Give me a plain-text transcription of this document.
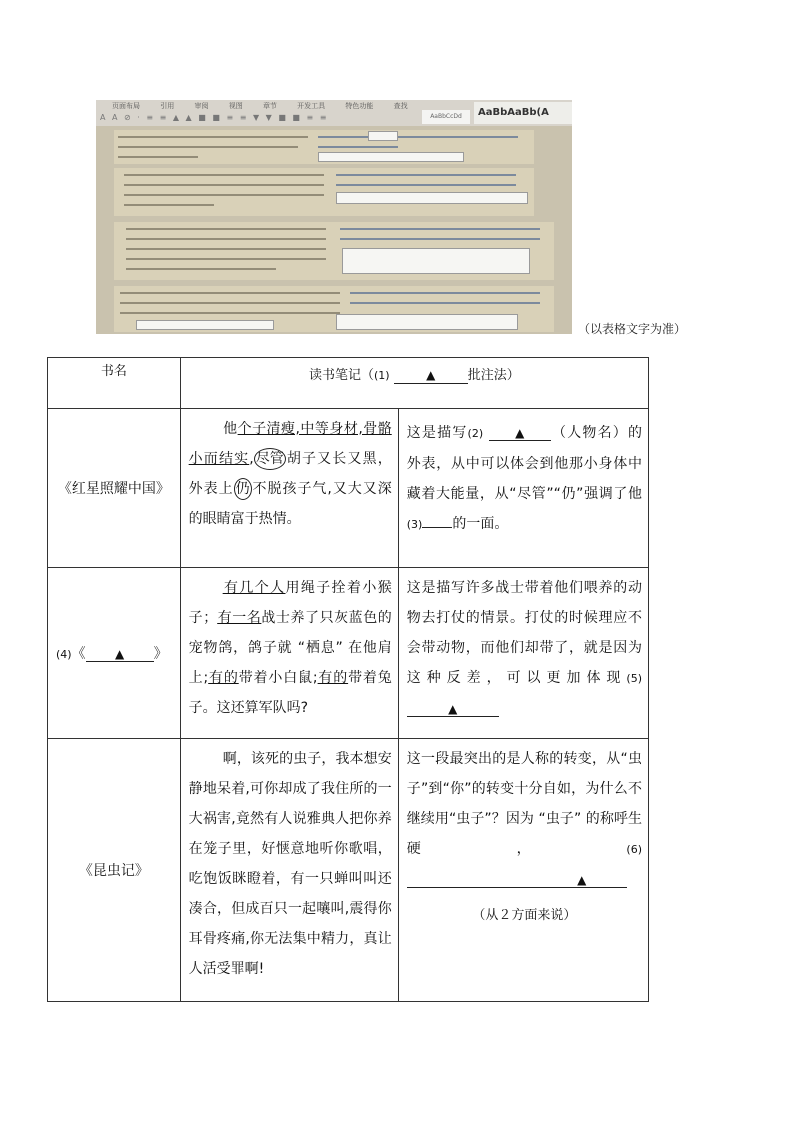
页面布局	引用	审阅	视图	章节	开发工具	特色功能	查找
A A ⊘ · ≡ ≡ ▲ ▲ ■ ■ ≡ ≡ ▼ ▼ ■ ■ ≡ ≡	AaBbCcDd	AaBbAaBb(A
（以表格文字为准）
书名	读书笔记（(1) ▲ 批注法）	
《红星照耀中国》	他个子清瘦,中等身材,骨骼小而结实, 尽管 胡子又长又黑，外表上 仍 不脱孩子气,又大又深的眼睛富于热情。	这是描写(2) ▲ （人物名）的外表，从中可以体会到他那小身体中藏着大能量，从“尽管”“仍”强调了他(3) 的一面。
(4)《 ▲ 》	有几个人用绳子拴着小猴子；有一名战士养了只灰蓝色的宠物鸽，鸽子就 “栖息” 在他肩上;有的带着小白鼠;有的带着兔子。这还算军队吗?	这是描写许多战士带着他们喂养的动物去打仗的情景。打仗的时候理应不会带动物，而他们却带了，就是因为这种反差，可以更加体现(5)▲
《昆虫记》	啊，该死的虫子，我本想安静地呆着,可你却成了我住所的一大祸害,竟然有人说雅典人把你养在笼子里，好惬意地听你歌唱，吃饱饭眯瞪着，有一只蝉叫叫还凑合，但成百只一起嚷叫,震得你耳骨疼痛,你无法集中精力，真让人活受罪啊!	这一段最突出的是人称的转变，从“虫子”到“你”的转变十分自如，为什么不继续用“虫子”？因为 “虫子” 的称呼生硬，(6)▲
（从２方面来说）
